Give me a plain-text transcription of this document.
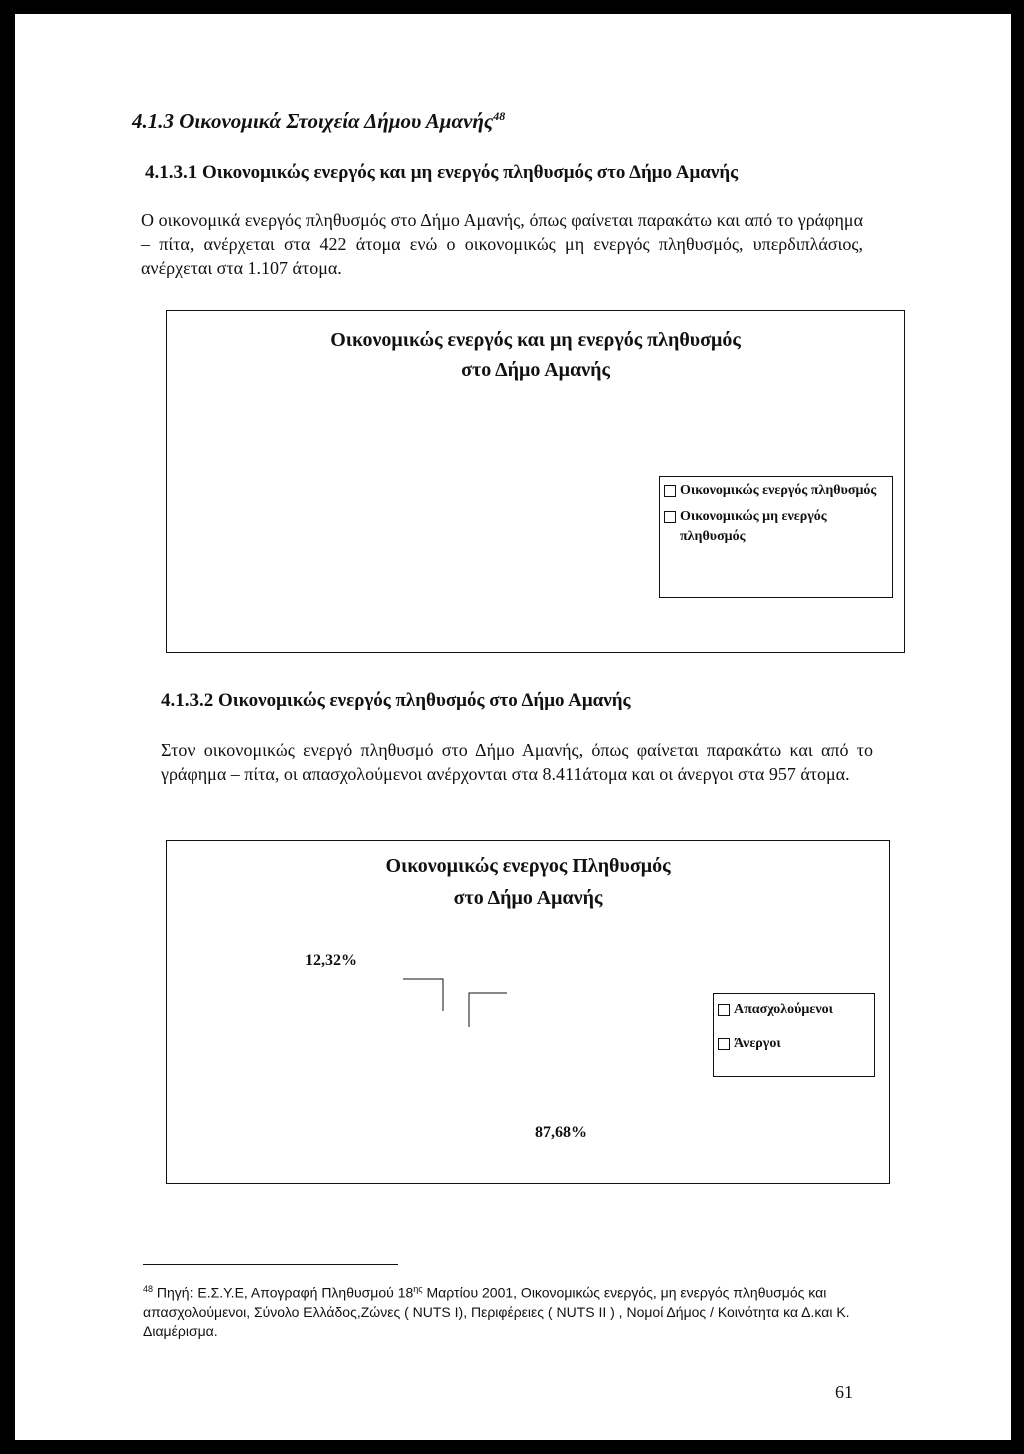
4.1.3 Οικονομικά Στοιχεία Δήμου Αμανής$^{48}$
4.1.3.1 Οικονομικώς ενεργός και μη ενεργός πληθυσμός στο Δήμο Αμανής
Ο οικονομικά ενεργός πληθυσμός στο Δήμο Αμανής, όπως φαίνεται παρακάτω και από το γράφημα – πίτα, ανέρχεται στα 422 άτομα ενώ ο οικονομικώς μη ενεργός πληθυσμός, υπερδιπλάσιος, ανέρχεται στα 1.107 άτομα.
Οικονομικώς ενεργός και μη ενεργός πληθυσμός
στο Δήμο Αμανής
Οικονομικώς ενεργός πληθυσμός
Οικονομικώς μη ενεργός πληθυσμός
4.1.3.2 Οικονομικώς ενεργός πληθυσμός στο Δήμο Αμανής
Στον οικονομικώς ενεργό πληθυσμό στο Δήμο Αμανής, όπως φαίνεται παρακάτω και από το γράφημα – πίτα, οι απασχολούμενοι ανέρχονται στα 8.411άτομα και οι άνεργοι στα 957 άτομα.
Οικονομικώς ενεργος Πληθυσμός
στο Δήμο Αμανής
12,32%
87,68%
Απασχολούμενοι
Άνεργοι
$^{48}$ Πηγή: Ε.Σ.Υ.Ε, Απογραφή Πληθυσμού $18^{\eta\varsigma}$ Μαρτίου 2001, Οικονομικώς ενεργός, μη ενεργός πληθυσμός και απασχολούμενοι, Σύνολο Ελλάδος,Ζώνες ( NUTS I), Περιφέρειες ( NUTS II ) , Νομοί Δήμος / Κοινότητα κα Δ.και Κ. Διαμέρισμα.
61
